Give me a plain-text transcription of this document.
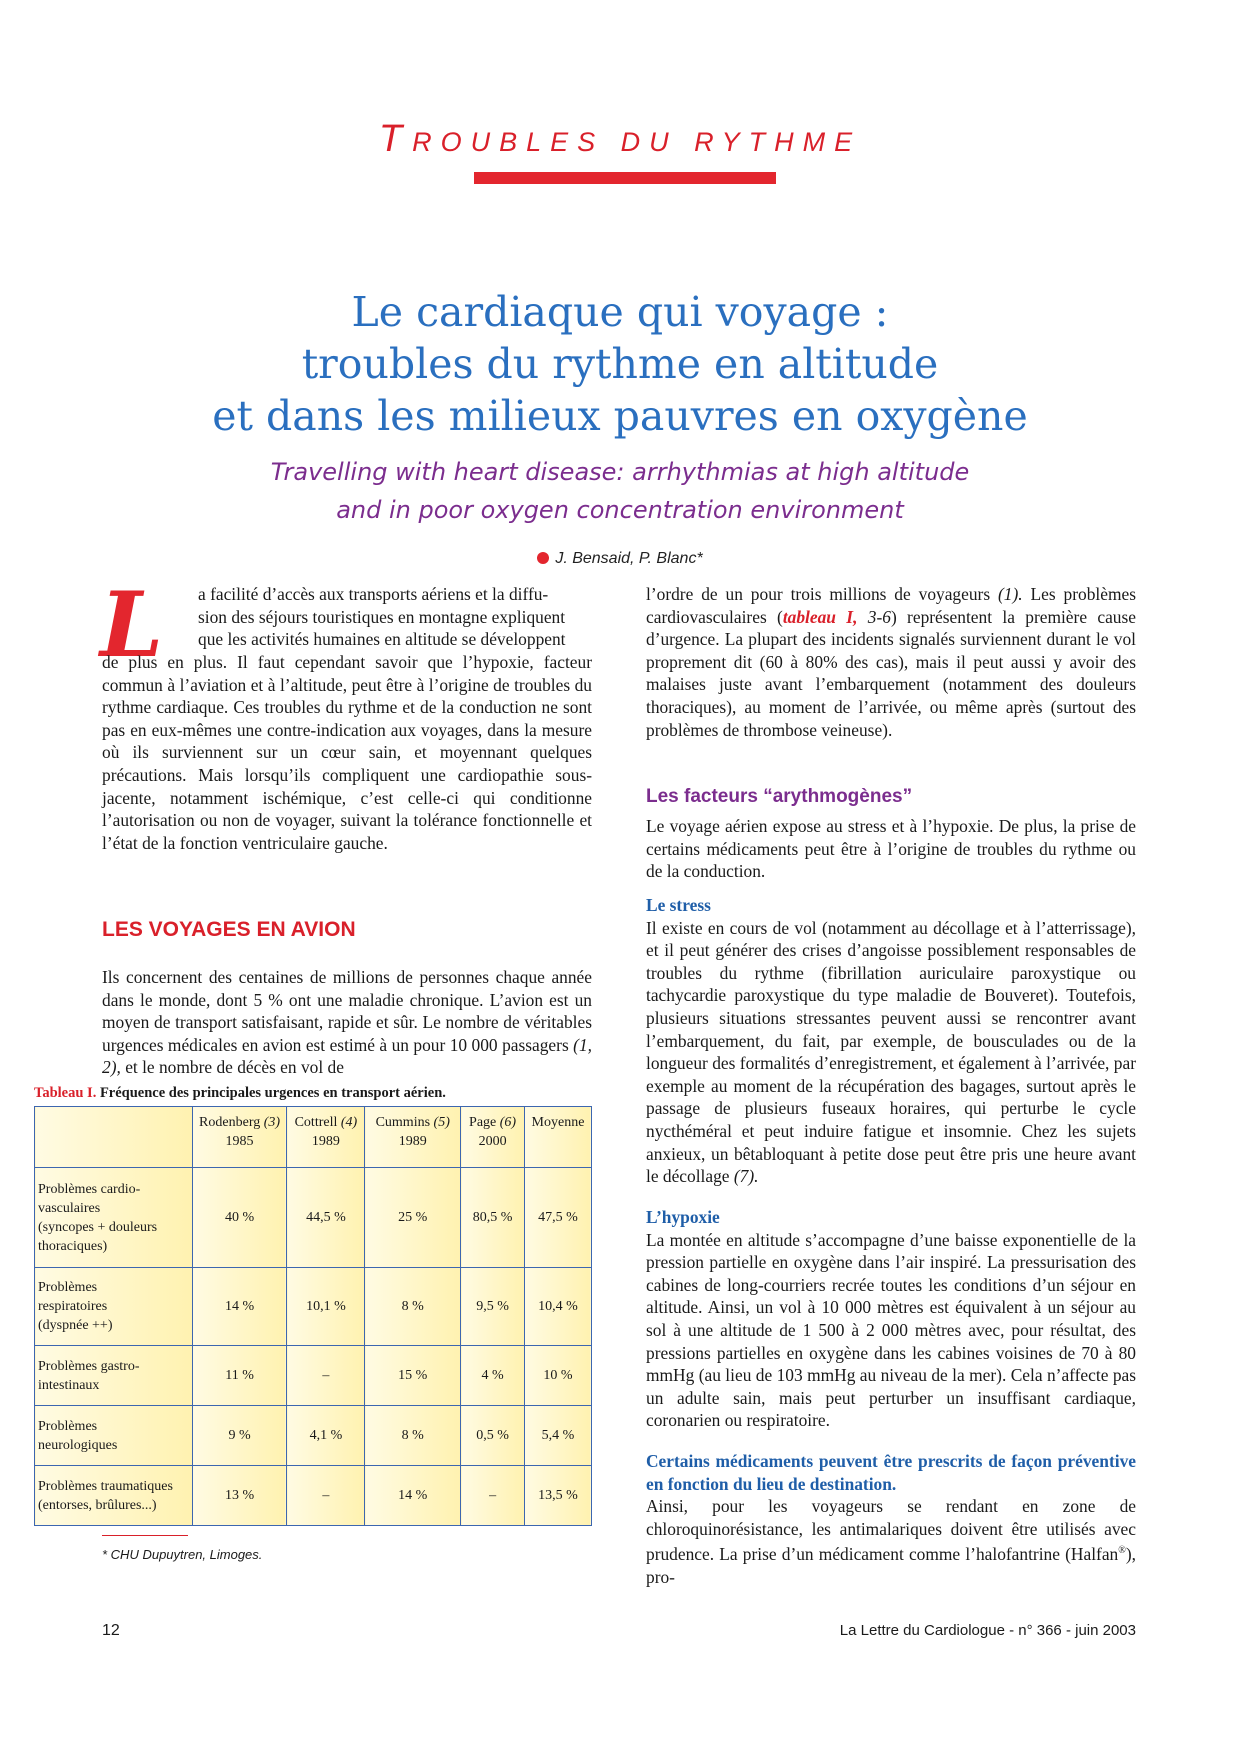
TROUBLES DU RYTHME
Le cardiaque qui voyage :
troubles du rythme en altitude
et dans les milieux pauvres en oxygène
Travelling with heart disease: arrhythmias at high altitude
and in poor oxygen concentration environment
J. Bensaid, P. Blanc*
L a facilité d’accès aux transports aériens et la diffu-
sion des séjours touristiques en montagne expliquent
que les activités humaines en altitude se développent

de plus en plus. Il faut cependant savoir que l’hypoxie, facteur commun à l’aviation et à l’altitude, peut être à l’origine de troubles du rythme cardiaque. Ces troubles du rythme et de la conduction ne sont pas en eux-mêmes une contre-indication aux voyages, dans la mesure où ils surviennent sur un cœur sain, et moyennant quelques précautions. Mais lorsqu’ils compliquent une cardiopathie sous-jacente, notamment ischémique, c’est celle-ci qui conditionne l’autorisation ou non de voyager, suivant la tolérance fonctionnelle et l’état de la fonction ventriculaire gauche.

LES VOYAGES EN AVION

Ils concernent des centaines de millions de personnes chaque année dans le monde, dont 5 % ont une maladie chronique. L’avion est un moyen de transport satisfaisant, rapide et sûr. Le nombre de véritables urgences médicales en avion est estimé à un pour 10 000 passagers (1, 2), et le nombre de décès en vol de

Tableau I. Fréquence des principales urgences en transport aérien.
	Rodenberg (3)
1985	Cottrell (4)
1989	Cummins (5)
1989	Page (6)
2000	Moyenne

Problèmes cardio-
vasculaires
(syncopes + douleurs
thoraciques)	40 %	44,5 %	25 %	80,5 %	47,5 %
Problèmes
respiratoires
(dyspnée ++)	14 %	10,1 %	8 %	9,5 %	10,4 %
Problèmes gastro-
intestinaux	11 %	–	15 %	4 %	10 %
Problèmes
neurologiques	9 %	4,1 %	8 %	0,5 %	5,4 %
Problèmes traumatiques
(entorses, brûlures...)	13 %	–	14 %	–	13,5 %
* CHU Dupuytren, Limoges.

l’ordre de un pour trois millions de voyageurs (1). Les problèmes cardiovasculaires (tableau I, 3-6) représentent la première cause d’urgence. La plupart des incidents signalés surviennent durant le vol proprement dit (60 à 80% des cas), mais il peut aussi y avoir des malaises juste avant l’embarquement (notamment des douleurs thoraciques), au moment de l’arrivée, ou même après (surtout des problèmes de thrombose veineuse).

Les facteurs “arythmogènes”

Le voyage aérien expose au stress et à l’hypoxie. De plus, la prise de certains médicaments peut être à l’origine de troubles du rythme ou de la conduction.

Le stress

Il existe en cours de vol (notamment au décollage et à l’atterrissage), et il peut générer des crises d’angoisse possiblement responsables de troubles du rythme (fibrillation auriculaire paroxystique ou tachycardie paroxystique du type maladie de Bouveret). Toutefois, plusieurs situations stressantes peuvent aussi se rencontrer avant l’embarquement, du fait, par exemple, de bousculades ou de la longueur des formalités d’enregistrement, et également à l’arrivée, par exemple au moment de la récupération des bagages, surtout après le passage de plusieurs fuseaux horaires, qui perturbe le cycle nycthéméral et peut induire fatigue et insomnie. Chez les sujets anxieux, un bêtabloquant à petite dose peut être pris une heure avant le décollage (7).

L’hypoxie

La montée en altitude s’accompagne d’une baisse exponentielle de la pression partielle en oxygène dans l’air inspiré. La pressurisation des cabines de long-courriers recrée toutes les conditions d’un séjour en altitude. Ainsi, un vol à 10 000 mètres est équivalent à un séjour au sol à une altitude de 1 500 à 2 000 mètres avec, pour résultat, des pressions partielles en oxygène dans les cabines voisines de 70 à 80 mmHg (au lieu de 103 mmHg au niveau de la mer). Cela n’affecte pas un adulte sain, mais peut perturber un insuffisant cardiaque, coronarien ou respiratoire.

Certains médicaments peuvent être prescrits de façon préventive en fonction du lieu de destination.

Ainsi, pour les voyageurs se rendant en zone de chloroquinorésistance, les antimalariques doivent être utilisés avec prudence. La prise d’un médicament comme l’halofantrine (Halfan®), pro-

12	La Lettre du Cardiologue - n° 366 - juin 2003
